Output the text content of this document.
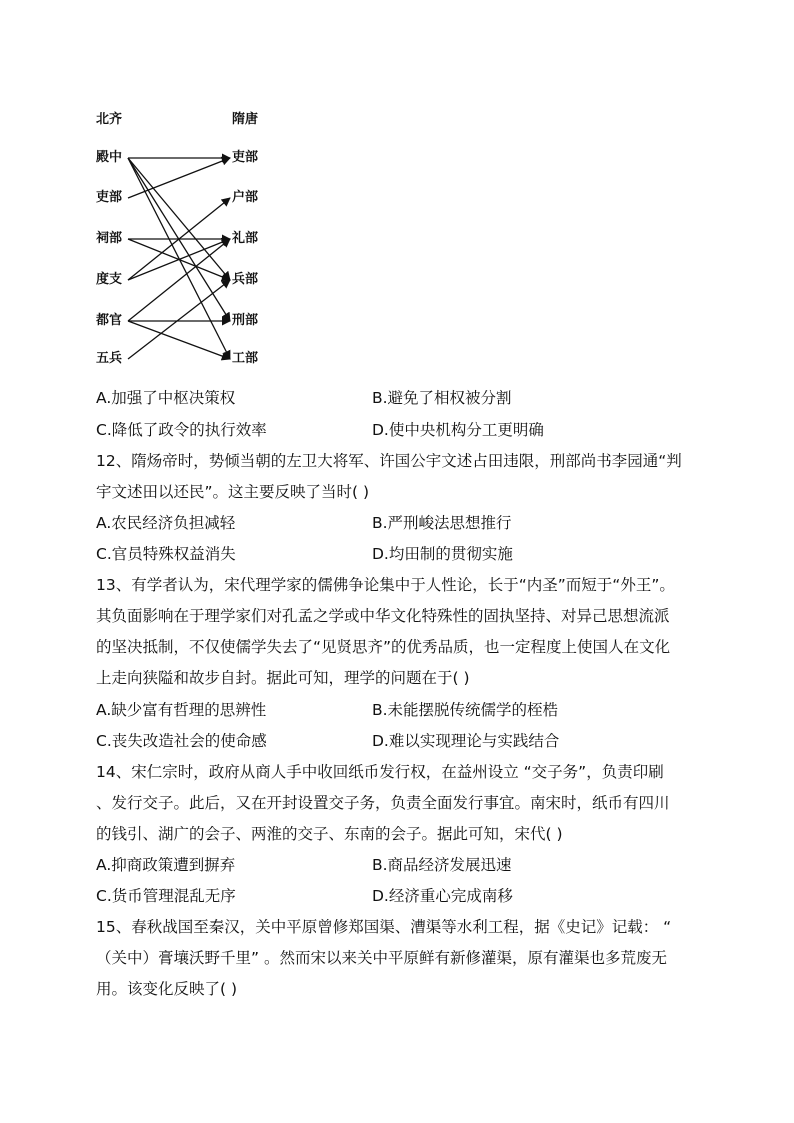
北齐	隋唐
殿中
吏部
祠部
度支
都官
五兵
吏部
户部
礼部
兵部
刑部
工部
A.加强了中枢决策权	B.避免了相权被分割
C.降低了政令的执行效率	D.使中央机构分工更明确
12、隋炀帝时，势倾当朝的左卫大将军、许国公宇文述占田违限，刑部尚书李园通“判
宇文述田以还民”。这主要反映了当时( )
A.农民经济负担减轻	B.严刑峻法思想推行
C.官员特殊权益消失	D.均田制的贯彻实施
13、有学者认为，宋代理学家的儒佛争论集中于人性论，长于“内圣”而短于“外王”。
其负面影响在于理学家们对孔孟之学或中华文化特殊性的固执坚持、对异己思想流派
的坚决抵制，不仅使儒学失去了“见贤思齐”的优秀品质，也一定程度上使国人在文化
上走向狭隘和故步自封。据此可知，理学的问题在于( )
A.缺少富有哲理的思辨性	B.未能摆脱传统儒学的桎梏
C.丧失改造社会的使命感	D.难以实现理论与实践结合
14、宋仁宗时，政府从商人手中收回纸币发行权，在益州设立 “交子务”，负责印刷
、发行交子。此后，又在开封设置交子务，负责全面发行事宜。南宋时，纸币有四川
的钱引、湖广的会子、两淮的交子、东南的会子。据此可知，宋代( )
A.抑商政策遭到摒弃	B.商品经济发展迅速
C.货币管理混乱无序	D.经济重心完成南移
15、春秋战国至秦汉，关中平原曾修郑国渠、漕渠等水利工程，据《史记》记载： “
（关中）膏壤沃野千里” 。然而宋以来关中平原鲜有新修灌渠，原有灌渠也多荒废无
用。该变化反映了( )
